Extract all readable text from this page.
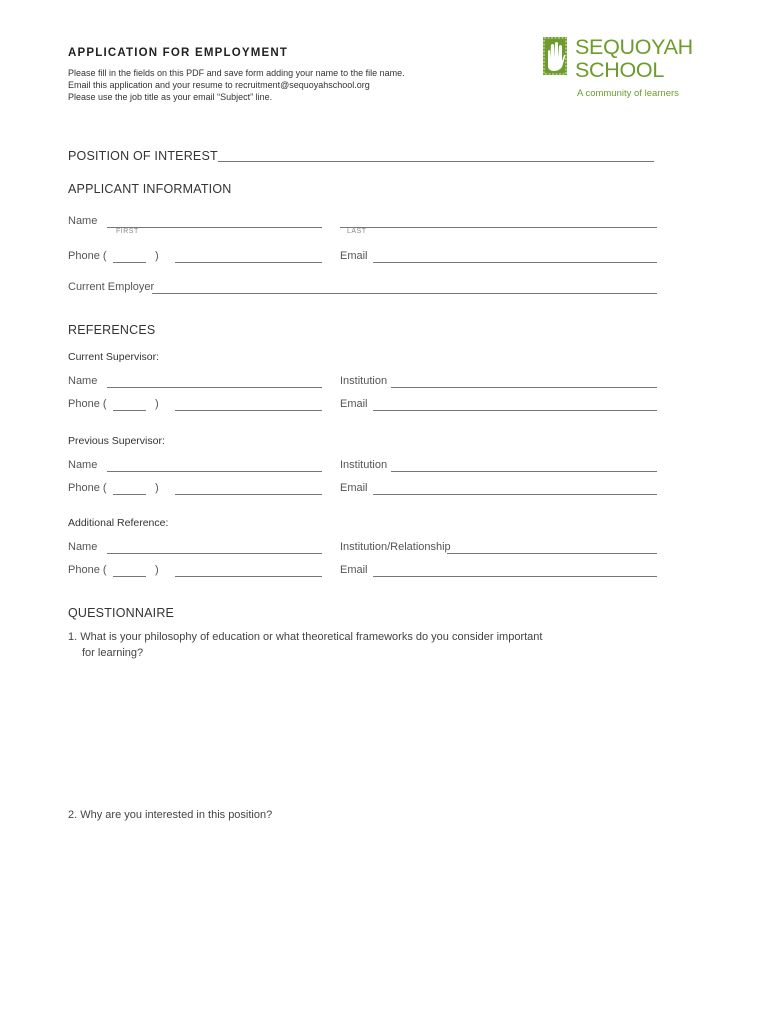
APPLICATION FOR EMPLOYMENT
Please fill in the fields on this PDF and save form adding your name to the file name.
Email this application and your resume to recruitment@sequoyahschool.org
Please use the job title as your email “Subject” line.
SEQUOYAH
SCHOOL
A community of learners
POSITION OF INTEREST
APPLICANT INFORMATION
Name
FIRST	LAST
Phone (	)	Email
Current Employer
REFERENCES
Current Supervisor:
Name	Institution
Phone (	)	Email
Previous Supervisor:
Name	Institution
Phone (	)	Email
Additional Reference:
Name	Institution/Relationship
Phone (	)	Email
QUESTIONNAIRE
1. What is your philosophy of education or what theoretical frameworks do you consider important
for learning?
2. Why are you interested in this position?
